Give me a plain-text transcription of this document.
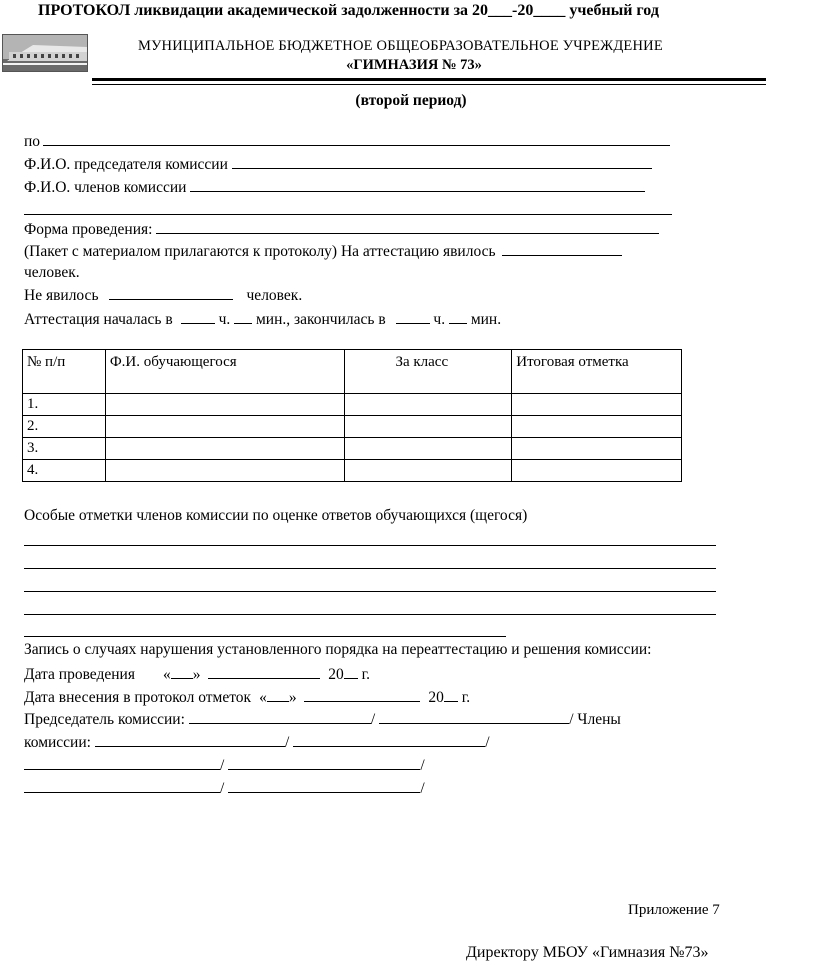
ПРОТОКОЛ ликвидации академической задолженности за 20___-20____ учебный год
МУНИЦИПАЛЬНОЕ БЮДЖЕТНОЕ ОБЩЕОБРАЗОВАТЕЛЬНОЕ УЧРЕЖДЕНИЕ
«ГИМНАЗИЯ № 73»
(второй период)
по
Ф.И.О. председателя комиссии
Ф.И.О. членов комиссии
Форма проведения:
(Пакет с материалом прилагаются к протоколу) На аттестацию явилось
человек.
Не явилось	человек.
Аттестация началась в	ч. мин., закончилась в	ч. мин.
№ п/п	Ф.И. обучающегося	За класс	Итоговая отметка
1.			
2.			
3.			
4.			
Особые отметки членов комиссии по оценке ответов обучающихся (щегося)
Запись о случаях нарушения установленного порядка на переаттестацию и решения комиссии:
Дата проведения « »	20 г.
Дата внесения в протокол отметок « »	20 г.
Председатель комиссии:	/	/ Члены
комиссии:	/	/
/	/
/	/
Приложение 7
Директору МБОУ «Гимназия №73»
